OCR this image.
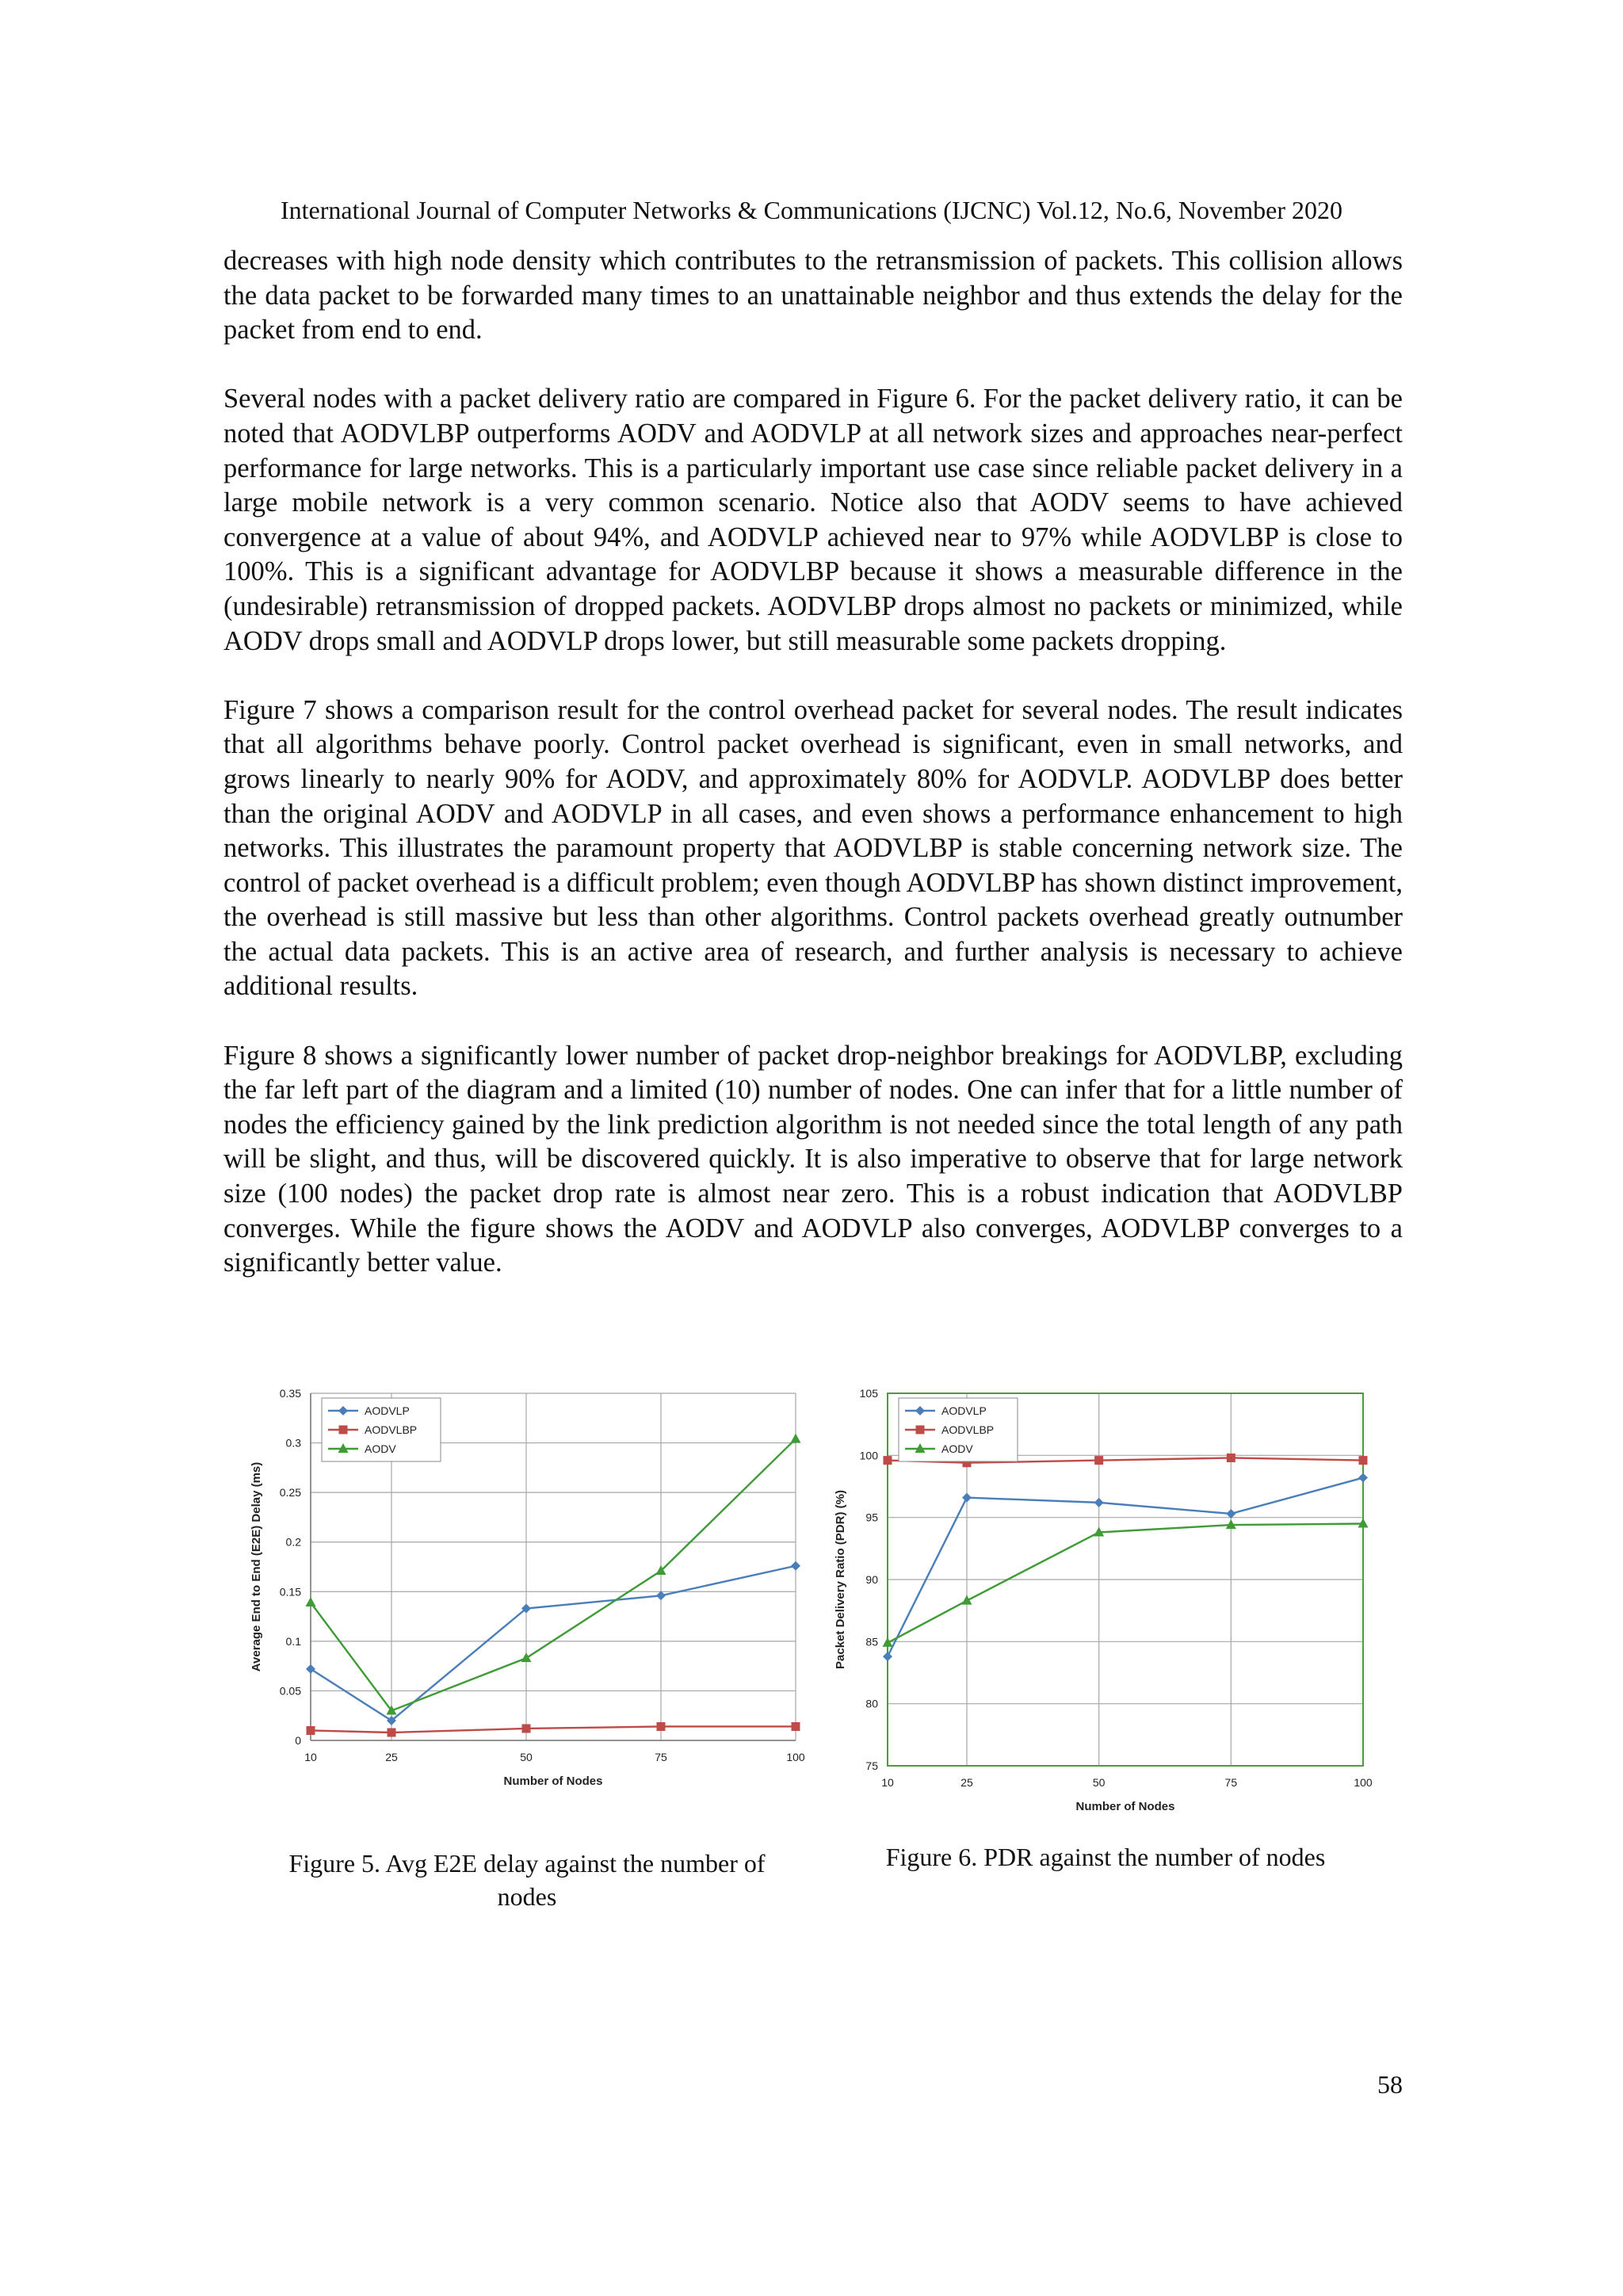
International Journal of Computer Networks & Communications (IJCNC) Vol.12, No.6, November 2020

decreases with high node density which contributes to the retransmission of packets. This collision allows the data packet to be forwarded many times to an unattainable neighbor and thus extends the delay for the packet from end to end.

Several nodes with a packet delivery ratio are compared in Figure 6. For the packet delivery ratio, it can be noted that AODVLBP outperforms AODV and AODVLP at all network sizes and approaches near-perfect performance for large networks. This is a particularly important use case since reliable packet delivery in a large mobile network is a very common scenario. Notice also that AODV seems to have achieved convergence at a value of about 94%, and AODVLP achieved near to 97% while AODVLBP is close to 100%. This is a significant advantage for AODVLBP because it shows a measurable difference in the (undesirable) retransmission of dropped packets. AODVLBP drops almost no packets or minimized, while AODV drops small and AODVLP drops lower, but still measurable some packets dropping.

Figure 7 shows a comparison result for the control overhead packet for several nodes. The result indicates that all algorithms behave poorly. Control packet overhead is significant, even in small networks, and grows linearly to nearly 90% for AODV, and approximately 80% for AODVLP. AODVLBP does better than the original AODV and AODVLP in all cases, and even shows a performance enhancement to high networks. This illustrates the paramount property that AODVLBP is stable concerning network size. The control of packet overhead is a difficult problem; even though AODVLBP has shown distinct improvement, the overhead is still massive but less than other algorithms. Control packets overhead greatly outnumber the actual data packets. This is an active area of research, and further analysis is necessary to achieve additional results.

Figure 8 shows a significantly lower number of packet drop-neighbor breakings for AODVLBP, excluding the far left part of the diagram and a limited (10) number of nodes. One can infer that for a little number of nodes the efficiency gained by the link prediction algorithm is not needed since the total length of any path will be slight, and thus, will be discovered quickly. It is also imperative to observe that for large network size (100 nodes) the packet drop rate is almost near zero. This is a robust indication that AODVLBP converges. While the figure shows the AODV and AODVLP also converges, AODVLBP converges to a significantly better value.

0
0.05
0.1
0.15
0.2
0.25
0.3
0.35
10	25	50	75	100
Number of Nodes
Average End to End (E2E) Delay (ms)
AODVLP
AODVLBP
AODV
75
80
85
90
95
100
105
10	25	50	75	100
Number of Nodes
Packet Delivery Ratio (PDR) (%)
AODVLP
AODVLBP
AODV
Figure 5. Avg E2E delay against the number of
nodes
Figure 6. PDR against the number of nodes
58
